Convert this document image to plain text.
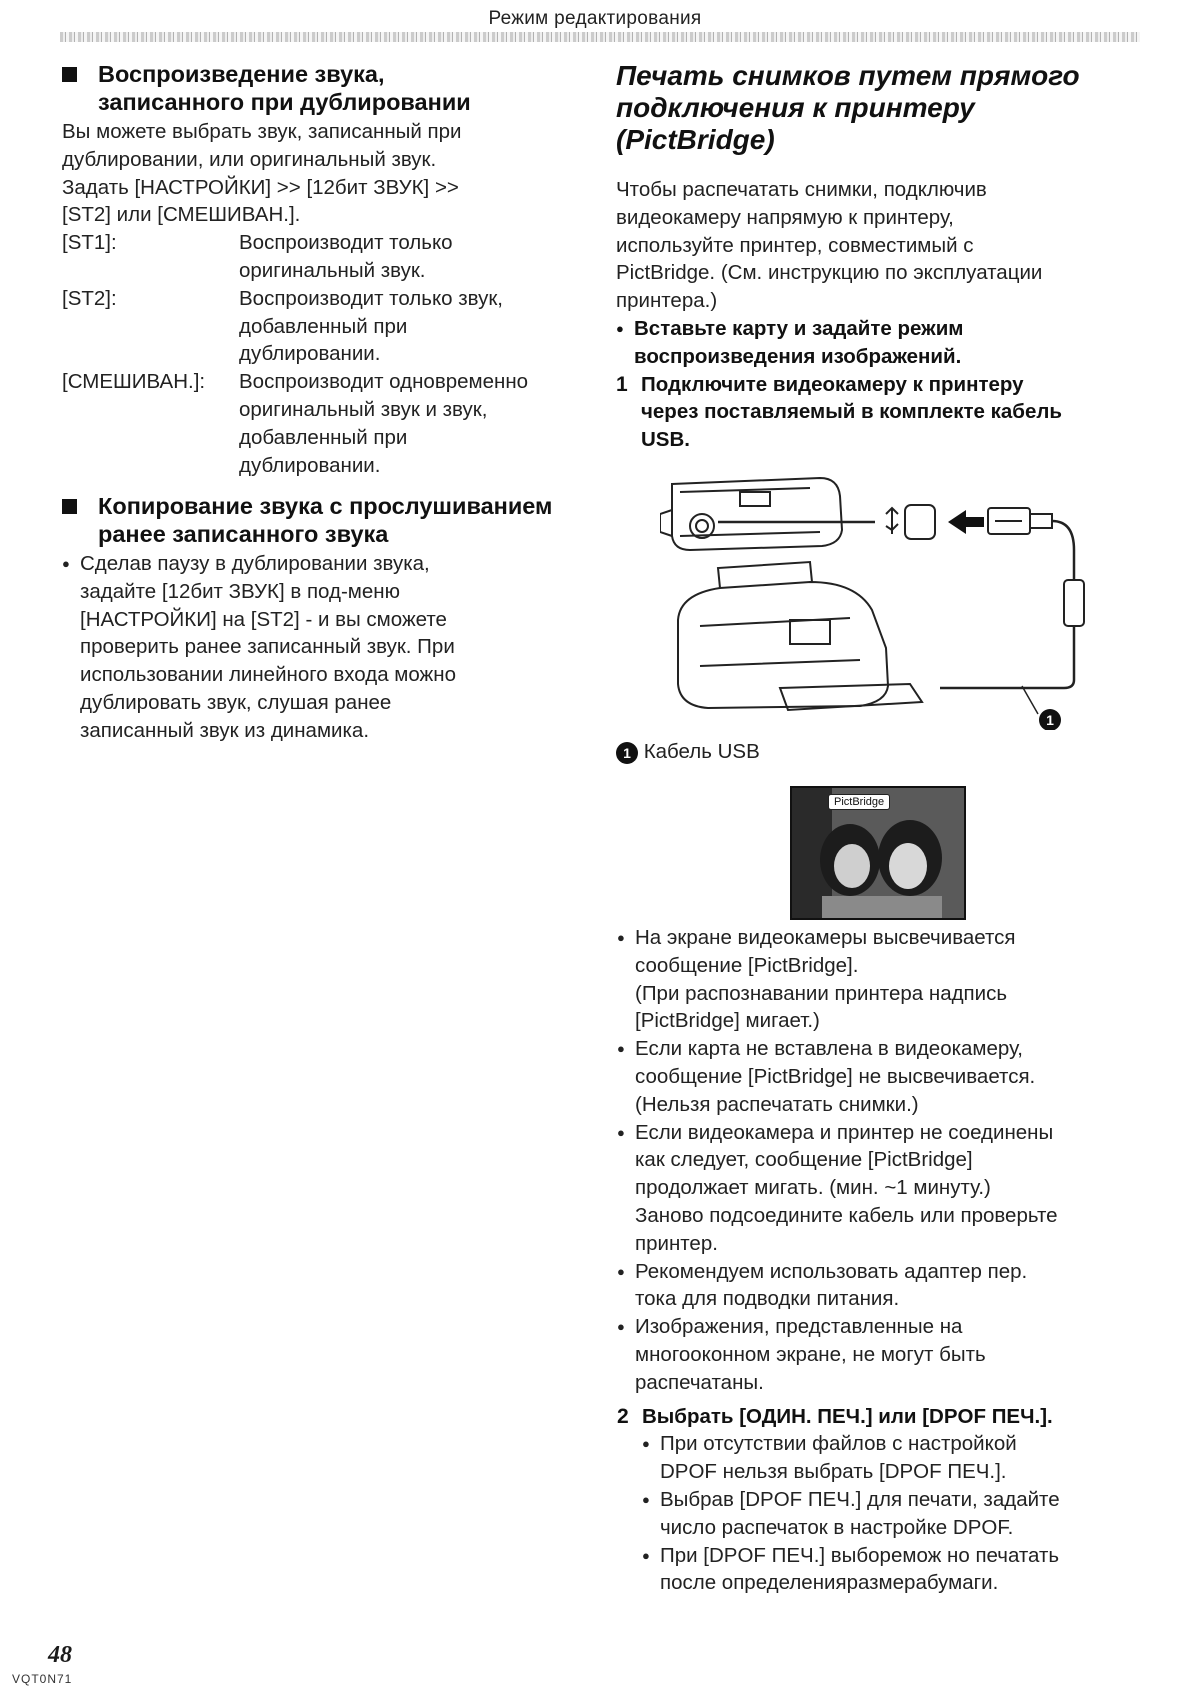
Режим редактирования
Воспроизведение звука,
записанного при дублировании
Вы можете выбрать звук, записанный при
дублировании, или оригинальный звук.
Задать [НАСТРОЙКИ] >> [12бит ЗВУК] >>
[ST2] или [СМЕШИВАН.].
[ST1]:	Воспроизводит только
оригинальный звук.
[ST2]:	Воспроизводит только звук,
добавленный при
дублировании.
[СМЕШИВАН.]:	Воспроизводит одновременно
оригинальный звук и звук,
добавленный при
дублировании.
Копирование звука с прослушиванием
ранее записанного звука
● Сделав паузу в дублировании звука,
задайте [12бит ЗВУК] в под-меню
[НАСТРОЙКИ] на [ST2] - и вы сможете
проверить ранее записанный звук. При
использовании линейного входа можно
дублировать звук, слушая ранее
записанный звук из динамика.
Печать снимков путем прямого
подключения к принтеру
(PictBridge)
Чтобы распечатать снимки, подключив
видеокамеру напрямую к принтеру,
используйте принтер, совместимый с
PictBridge. (См. инструкцию по эксплуатации
принтера.)
● Вставьте карту и задайте режим
воспроизведения изображений.
1 Подключите видеокамеру к принтеру
через поставляемый в комплекте кабель
USB.
1
1 Кабель USB
PictBridge
● На экране видеокамеры высвечивается
сообщение [PictBridge].
(При распознавании принтера надпись
[PictBridge] мигает.)
● Если карта не вставлена в видеокамеру,
сообщение [PictBridge] не высвечивается.
(Нельзя распечатать снимки.)
● Если видеокамера и принтер не соединены
как следует, сообщение [PictBridge]
продолжает мигать. (мин. ~1 минуту.)
Заново подсоедините кабель или проверьте
принтер.
● Рекомендуем использовать адаптер пер.
тока для подводки питания.
● Изображения, представленные на
многооконном экране, не могут быть
распечатаны.
2 Выбрать [ОДИН. ПЕЧ.] или [DPOF ПЕЧ.].
● При отсутствии файлов с настройкой
DPOF нельзя выбрать [DPOF ПЕЧ.].
● Выбрав [DPOF ПЕЧ.] для печати, задайте
число распечаток в настройке DPOF.
● При [DPOF ПЕЧ.] выборемож но печатать
после определенияразмерабумаги.
48
VQT0N71
